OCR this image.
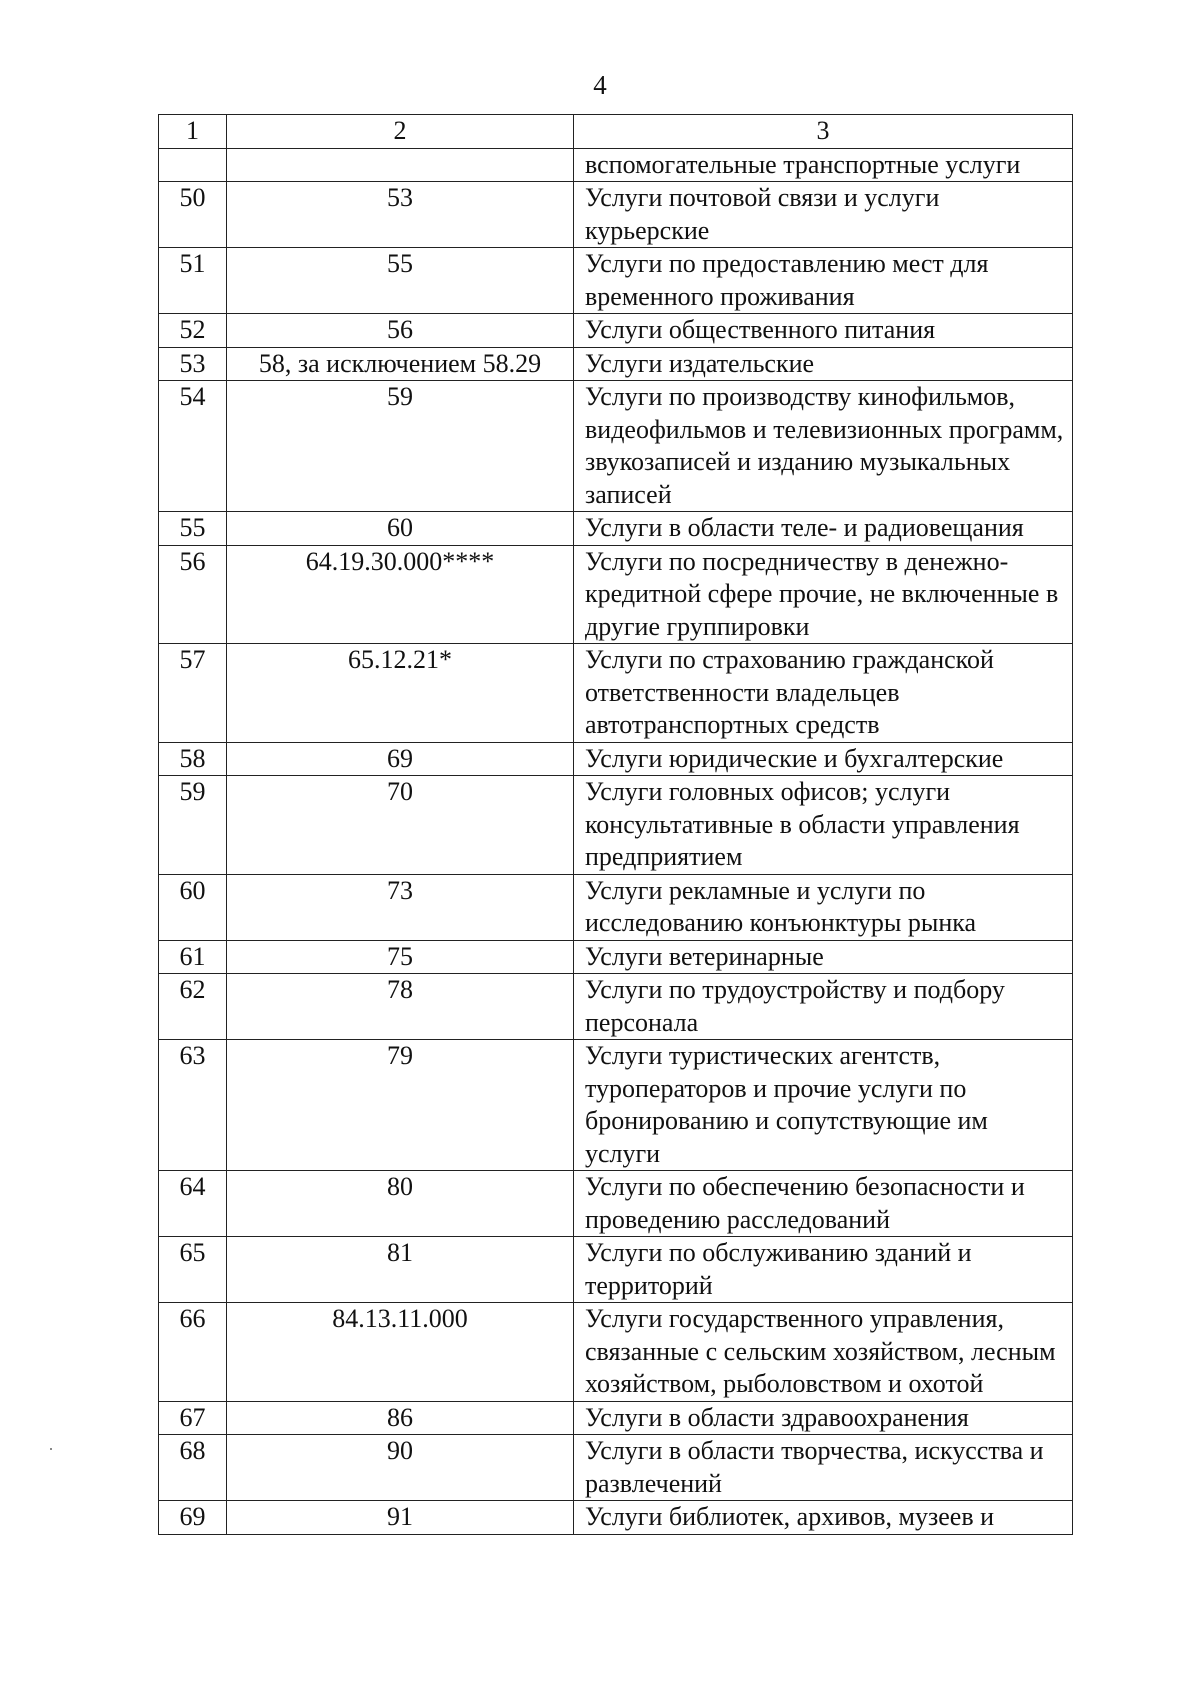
4
1	2	3
		вспомогательные транспортные услуги
50	53	Услуги почтовой связи и услуги курьерские
51	55	Услуги по предоставлению мест для временного проживания
52	56	Услуги общественного питания
53	58, за исключением 58.29	Услуги издательские
54	59	Услуги по производству кинофильмов, видеофильмов и телевизионных программ, звукозаписей и изданию музыкальных записей
55	60	Услуги в области теле- и радиовещания
56	64.19.30.000****	Услуги по посредничеству в денежно-кредитной сфере прочие, не включенные в другие группировки
57	65.12.21*	Услуги по страхованию гражданской ответственности владельцев автотранспортных средств
58	69	Услуги юридические и бухгалтерские
59	70	Услуги головных офисов; услуги консультативные в области управления предприятием
60	73	Услуги рекламные и услуги по исследованию конъюнктуры рынка
61	75	Услуги ветеринарные
62	78	Услуги по трудоустройству и подбору персонала
63	79	Услуги туристических агентств, туроператоров и прочие услуги по бронированию и сопутствующие им услуги
64	80	Услуги по обеспечению безопасности и проведению расследований
65	81	Услуги по обслуживанию зданий и территорий
66	84.13.11.000	Услуги государственного управления, связанные с сельским хозяйством, лесным хозяйством, рыболовством и охотой
67	86	Услуги в области здравоохранения
68	90	Услуги в области творчества, искусства и развлечений
69	91	Услуги библиотек, архивов, музеев и
